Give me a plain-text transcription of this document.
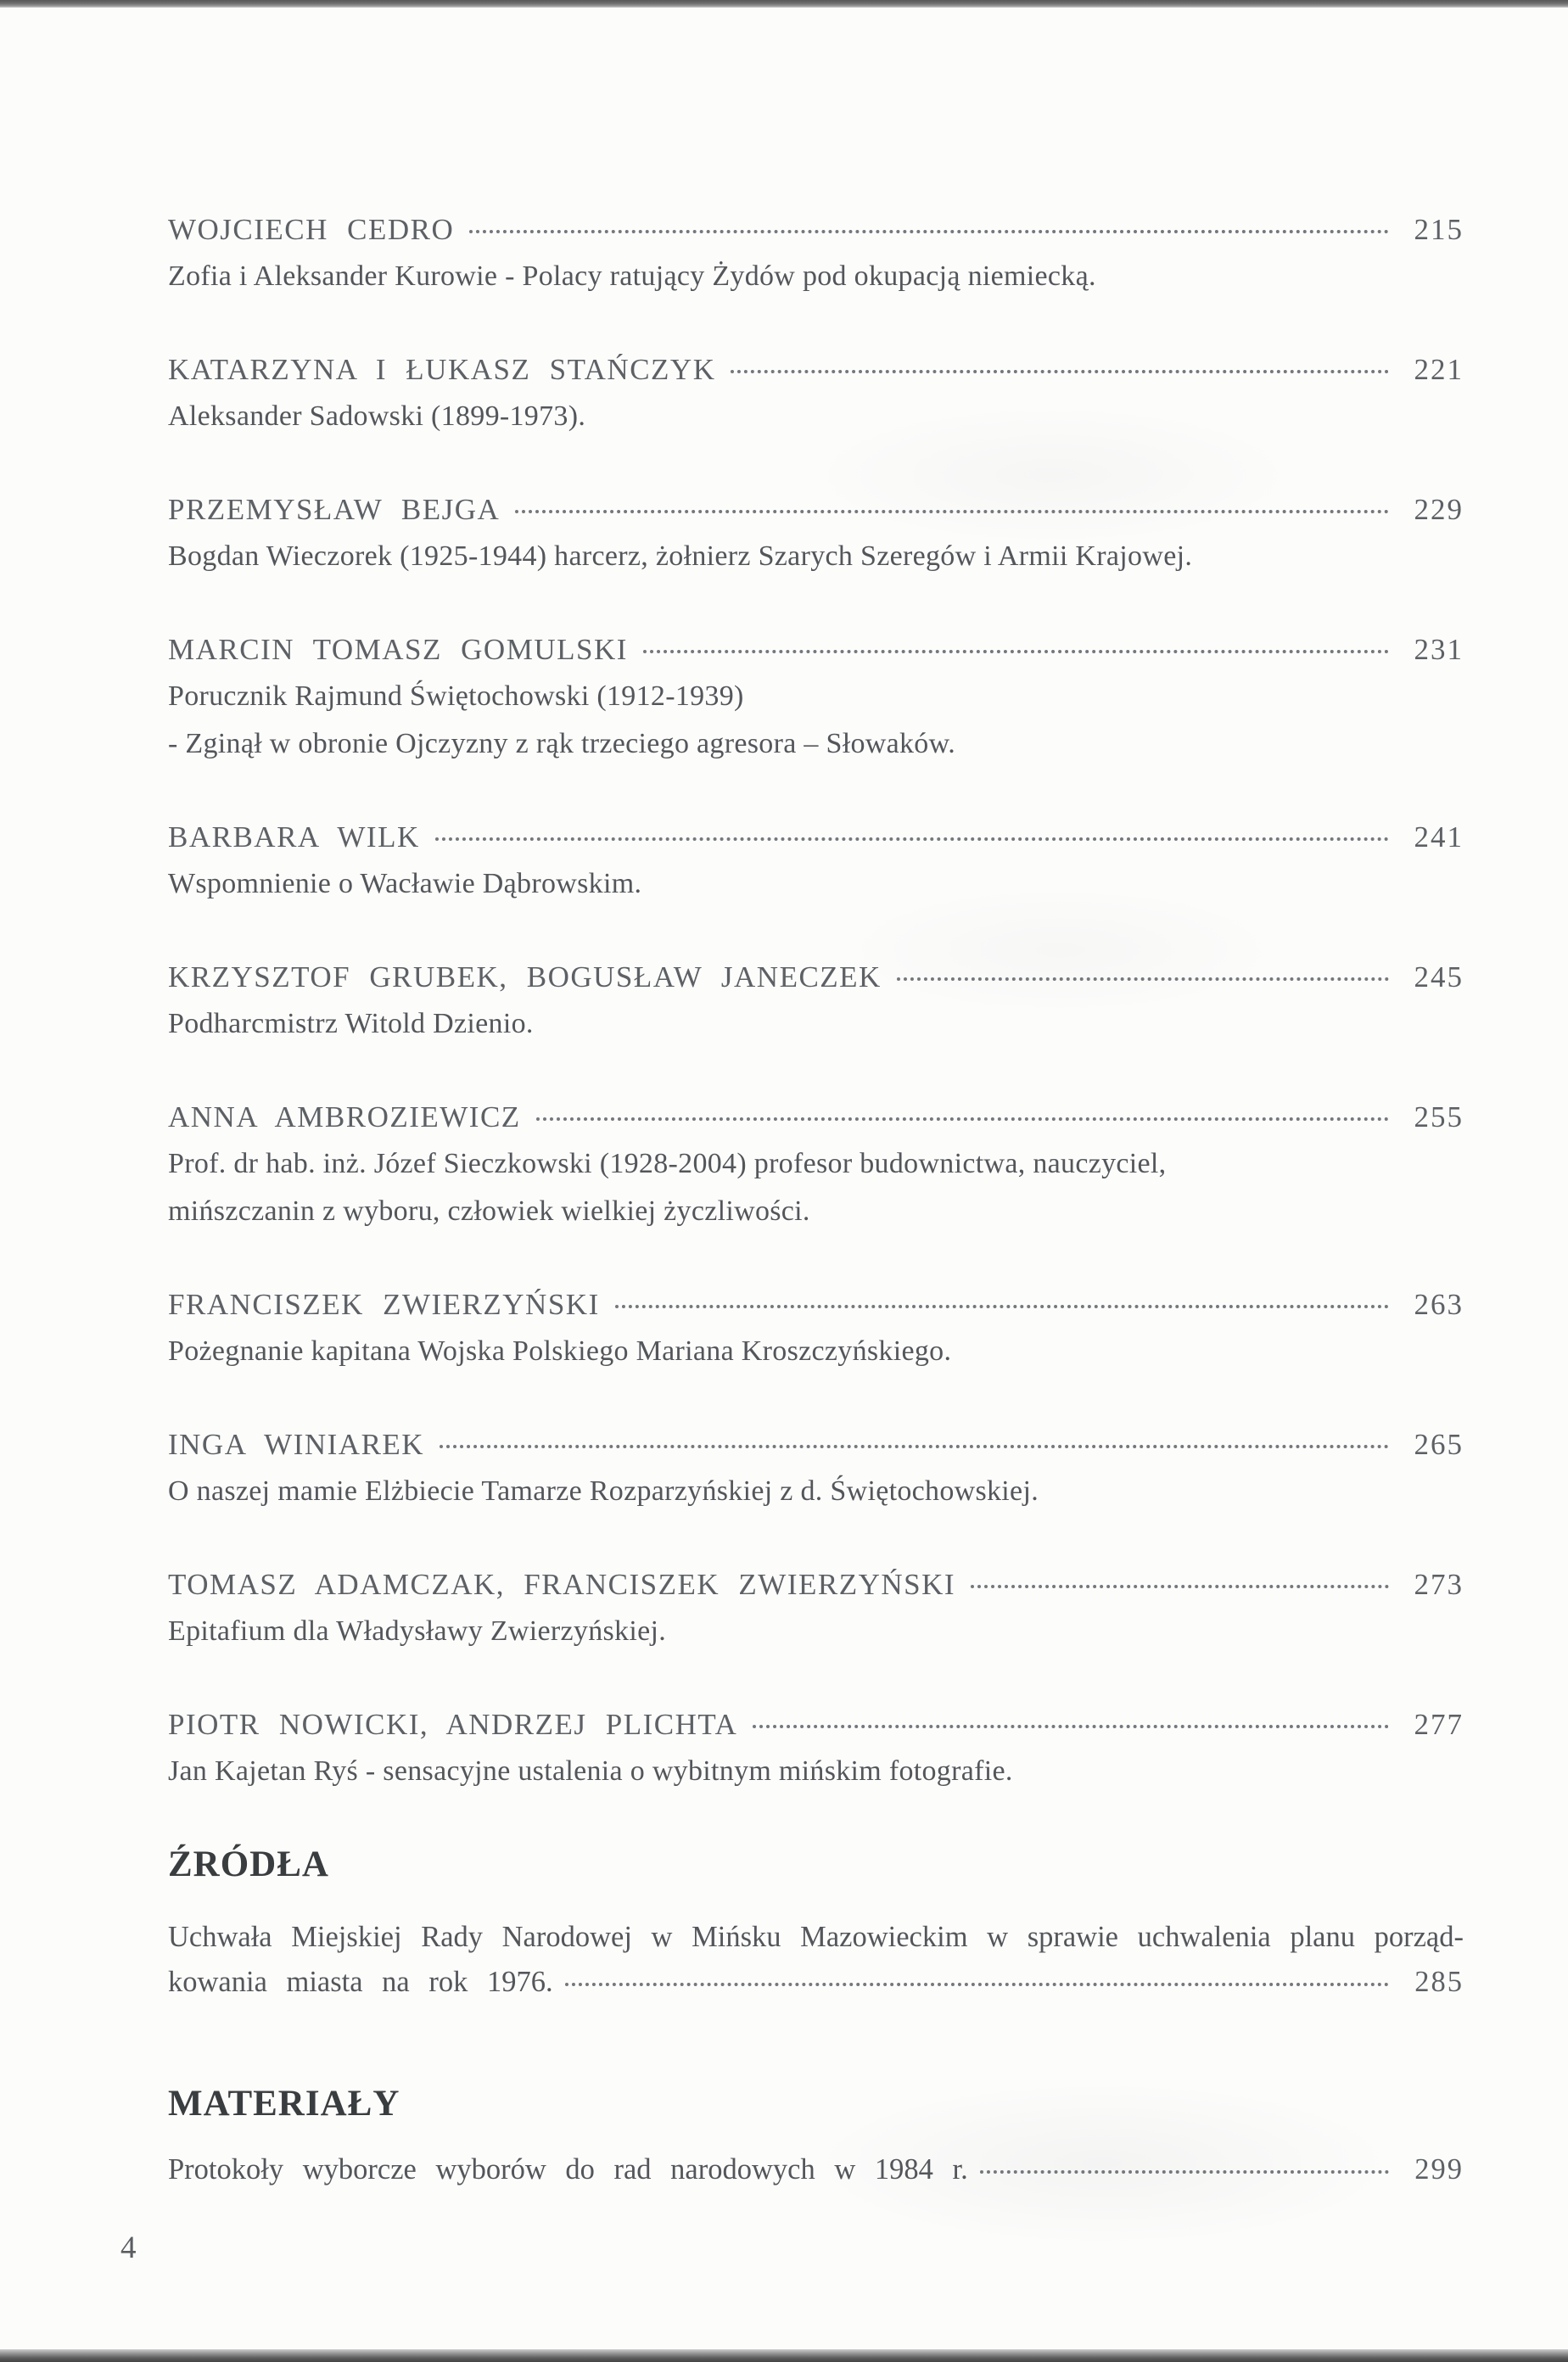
WOJCIECH CEDRO	215
Zofia i Aleksander Kurowie - Polacy ratujący Żydów pod okupacją niemiecką.
KATARZYNA I ŁUKASZ STAŃCZYK	221
Aleksander Sadowski (1899-1973).
PRZEMYSŁAW BEJGA	229
Bogdan Wieczorek (1925-1944) harcerz, żołnierz Szarych Szeregów i Armii Krajowej.
MARCIN TOMASZ GOMULSKI	231
Porucznik Rajmund Świętochowski (1912-1939)
- Zginął w obronie Ojczyzny z rąk trzeciego agresora – Słowaków.
BARBARA WILK	241
Wspomnienie o Wacławie Dąbrowskim.
KRZYSZTOF GRUBEK, BOGUSŁAW JANECZEK	245
Podharcmistrz Witold Dzienio.
ANNA AMBROZIEWICZ	255
Prof. dr hab. inż. Józef Sieczkowski (1928-2004) profesor budownictwa, nauczyciel,
mińszczanin z wyboru, człowiek wielkiej życzliwości.
FRANCISZEK ZWIERZYŃSKI	263
Pożegnanie kapitana Wojska Polskiego Mariana Kroszczyńskiego.
INGA WINIAREK	265
O naszej mamie Elżbiecie Tamarze Rozparzyńskiej z d. Świętochowskiej.
TOMASZ ADAMCZAK, FRANCISZEK ZWIERZYŃSKI	273
Epitafium dla Władysławy Zwierzyńskiej.
PIOTR NOWICKI, ANDRZEJ PLICHTA	277
Jan Kajetan Ryś - sensacyjne ustalenia o wybitnym mińskim fotografie.
ŹRÓDŁA

Uchwała Miejskiej Rady Narodowej w Mińsku Mazowieckim w sprawie uchwalenia planu porząd-

kowania miasta na rok 1976.	285
MATERIAŁY
Protokoły wyborcze wyborów do rad narodowych w 1984 r.	299
4
